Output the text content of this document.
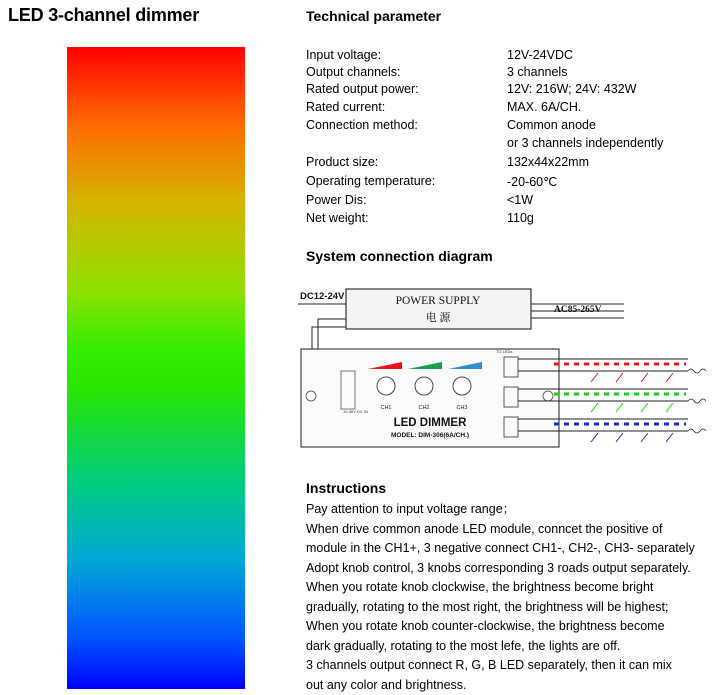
LED 3-channel dimmer	Technical parameter
Input voltage:	12V-24VDC
Output channels:	3 channels
Rated output power:	12V: 216W; 24V: 432W
Rated current:	MAX. 6A/CH.
Connection method:	Common anode
or 3 channels independently
Product size:	132x44x22mm
Operating temperature:	-20-60℃
Power Dis:	<1W
Net weight:	110g
System connection diagram
POWER SUPPLY
电 源
DC12-24V
AC85-265V
10-36V DC IN
CH1	CH2	CH3
LED DIMMER
MODEL: DIM-306(6A/CH.)
TO LEDs
Instructions
Pay attention to input voltage range；
When drive common anode LED module, conncet the positive of
module in the CH1+, 3 negative connect CH1-, CH2-, CH3- separately
Adopt knob control, 3 knobs corresponding 3 roads output separately.
When you rotate knob clockwise, the brightness become bright
gradually, rotating to the most right, the brightness will be highest;
When you rotate knob counter-clockwise, the brightness become
dark gradually, rotating to the most lefe, the lights are off.
3 channels output connect R, G, B LED separately, then it can mix
out any color and brightness.
